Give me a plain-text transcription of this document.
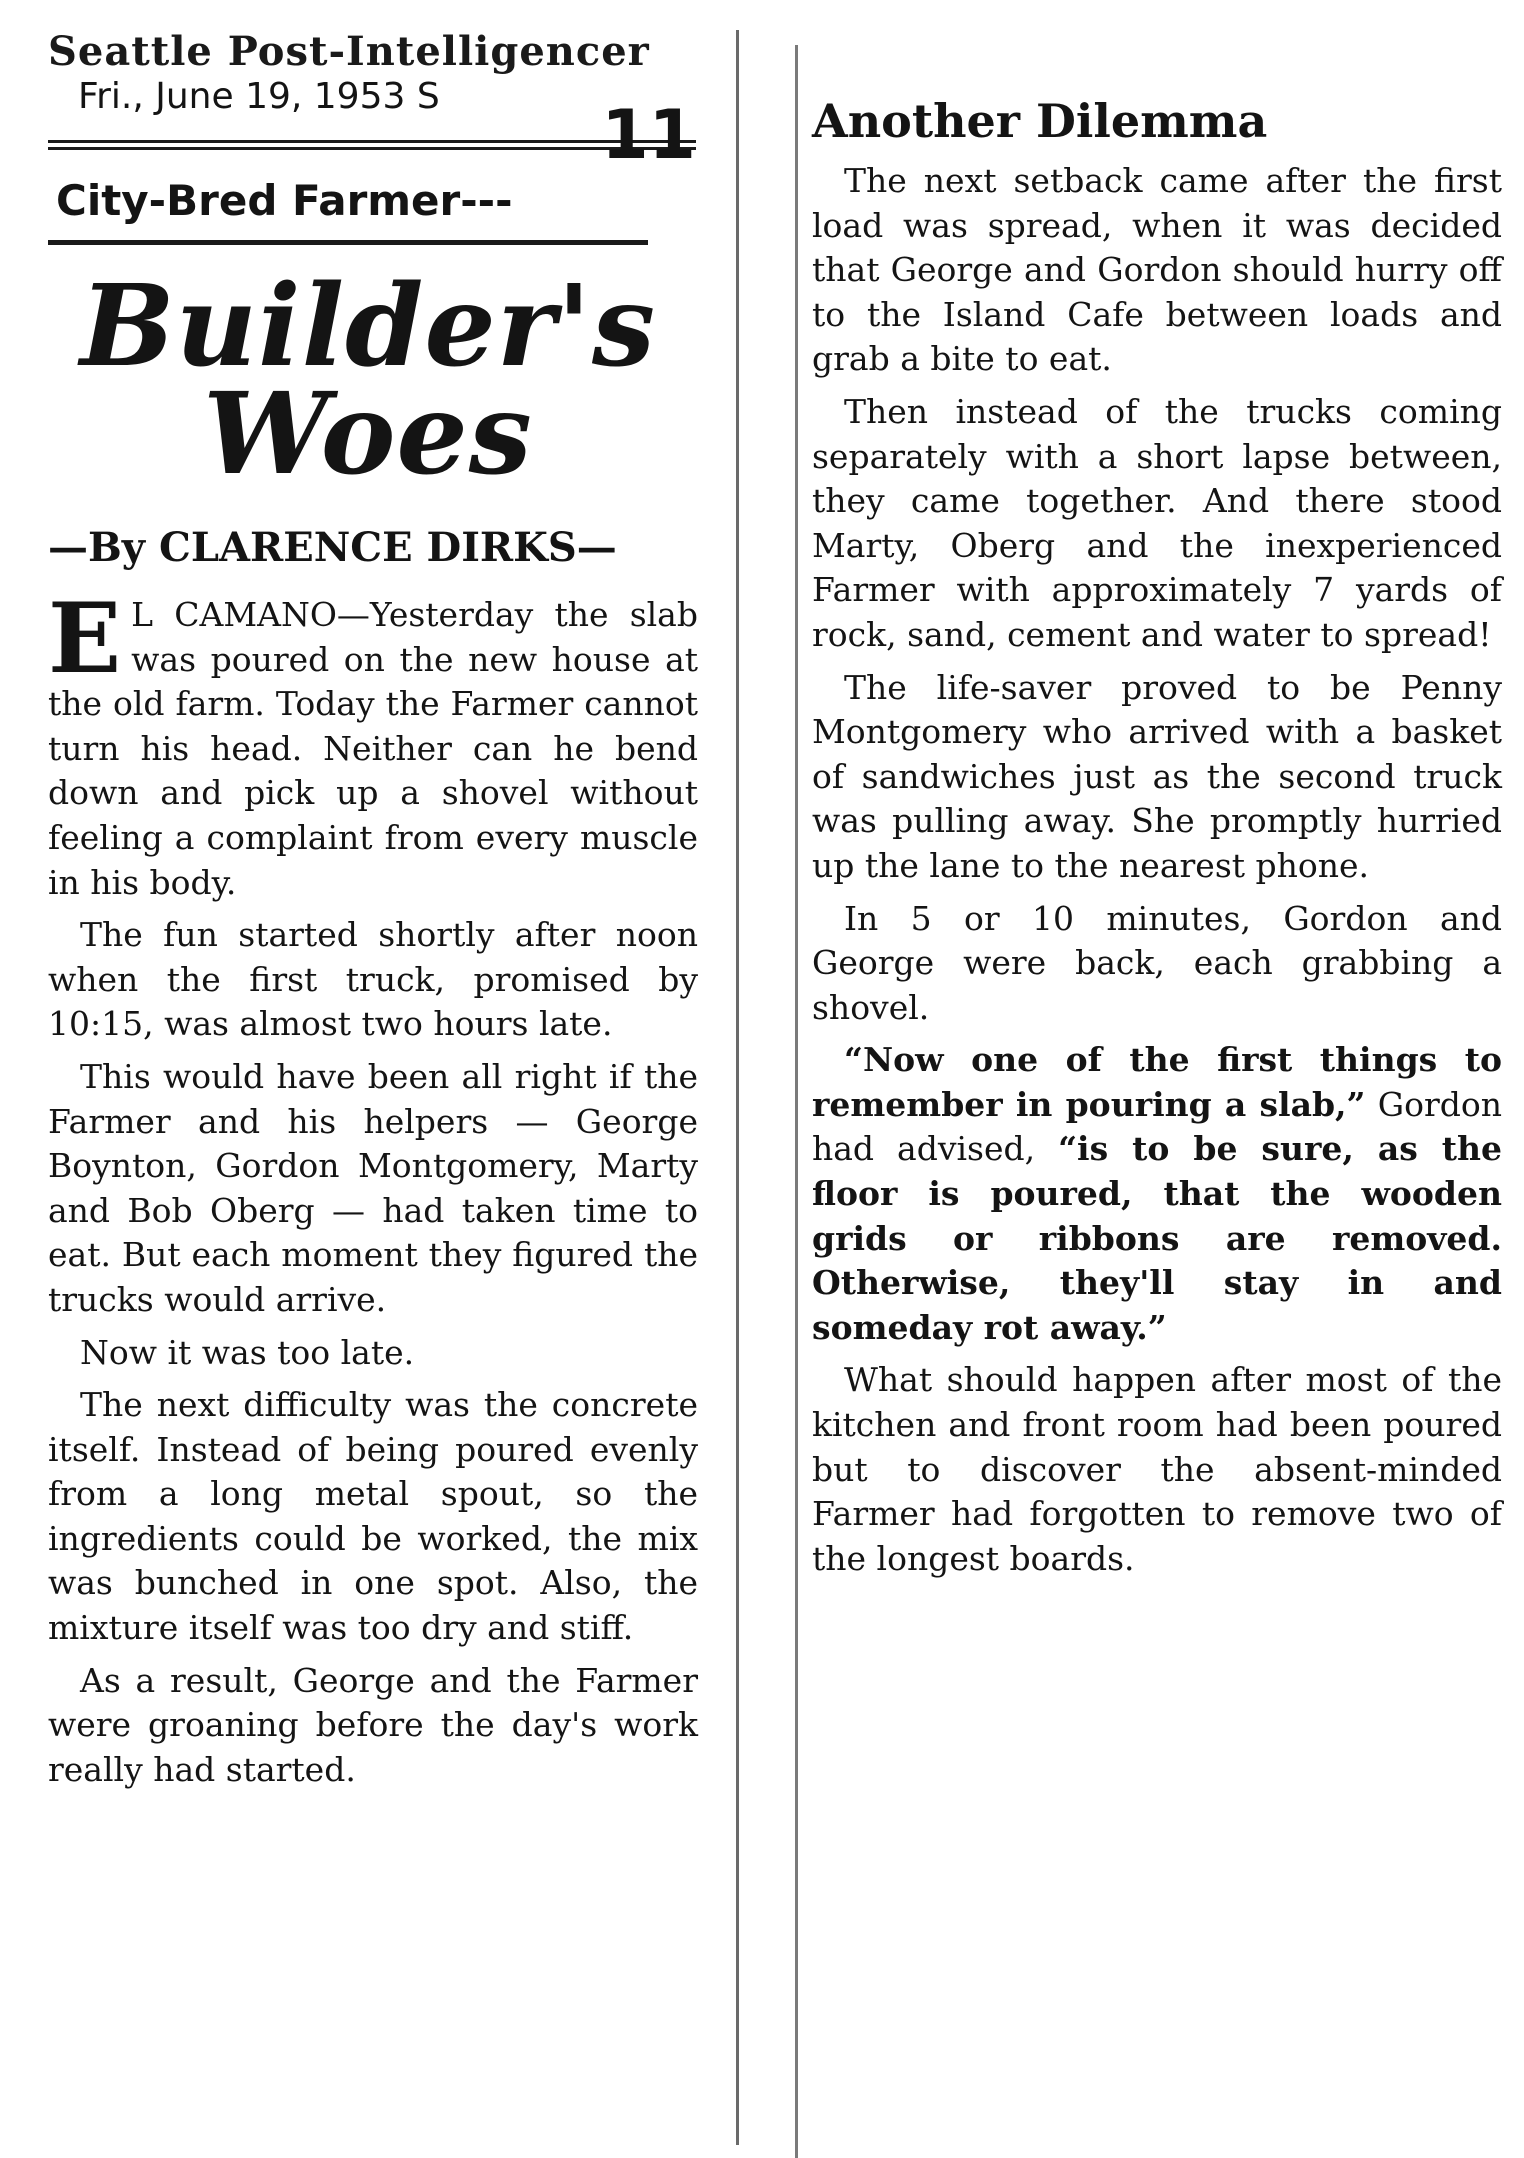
Seattle Post-Intelligencer
Fri., June 19, 1953 S	11
City-Bred Farmer---
Builder's Woes
—By CLARENCE DIRKS—

E L CAMANO—Yesterday the slab was poured on the new house at the old farm. Today the Farmer cannot turn his head. Neither can he bend down and pick up a shovel without feeling a complaint from every muscle in his body.

The fun started shortly after noon when the first truck, promised by 10:15, was almost two hours late.

This would have been all right if the Farmer and his helpers — George Boynton, Gordon Montgomery, Marty and Bob Oberg — had taken time to eat. But each moment they figured the trucks would arrive.

Now it was too late.

The next difficulty was the concrete itself. Instead of being poured evenly from a long metal spout, so the ingredients could be worked, the mix was bunched in one spot. Also, the mixture itself was too dry and stiff.

As a result, George and the Farmer were groaning before the day's work really had started.

Another Dilemma

The next setback came after the first load was spread, when it was decided that George and Gordon should hurry off to the Island Cafe between loads and grab a bite to eat.

Then instead of the trucks coming separately with a short lapse between, they came together. And there stood Marty, Oberg and the inexperienced Farmer with approximately 7 yards of rock, sand, cement and water to spread!

The life-saver proved to be Penny Montgomery who arrived with a basket of sandwiches just as the second truck was pulling away. She promptly hurried up the lane to the nearest phone.

In 5 or 10 minutes, Gordon and George were back, each grabbing a shovel.

“Now one of the first things to remember in pouring a slab,” Gordon had advised, “is to be sure, as the floor is poured, that the wooden grids or ribbons are removed. Otherwise, they'll stay in and someday rot away.”

What should happen after most of the kitchen and front room had been poured but to discover the absent-minded Farmer had forgotten to remove two of the longest boards.
